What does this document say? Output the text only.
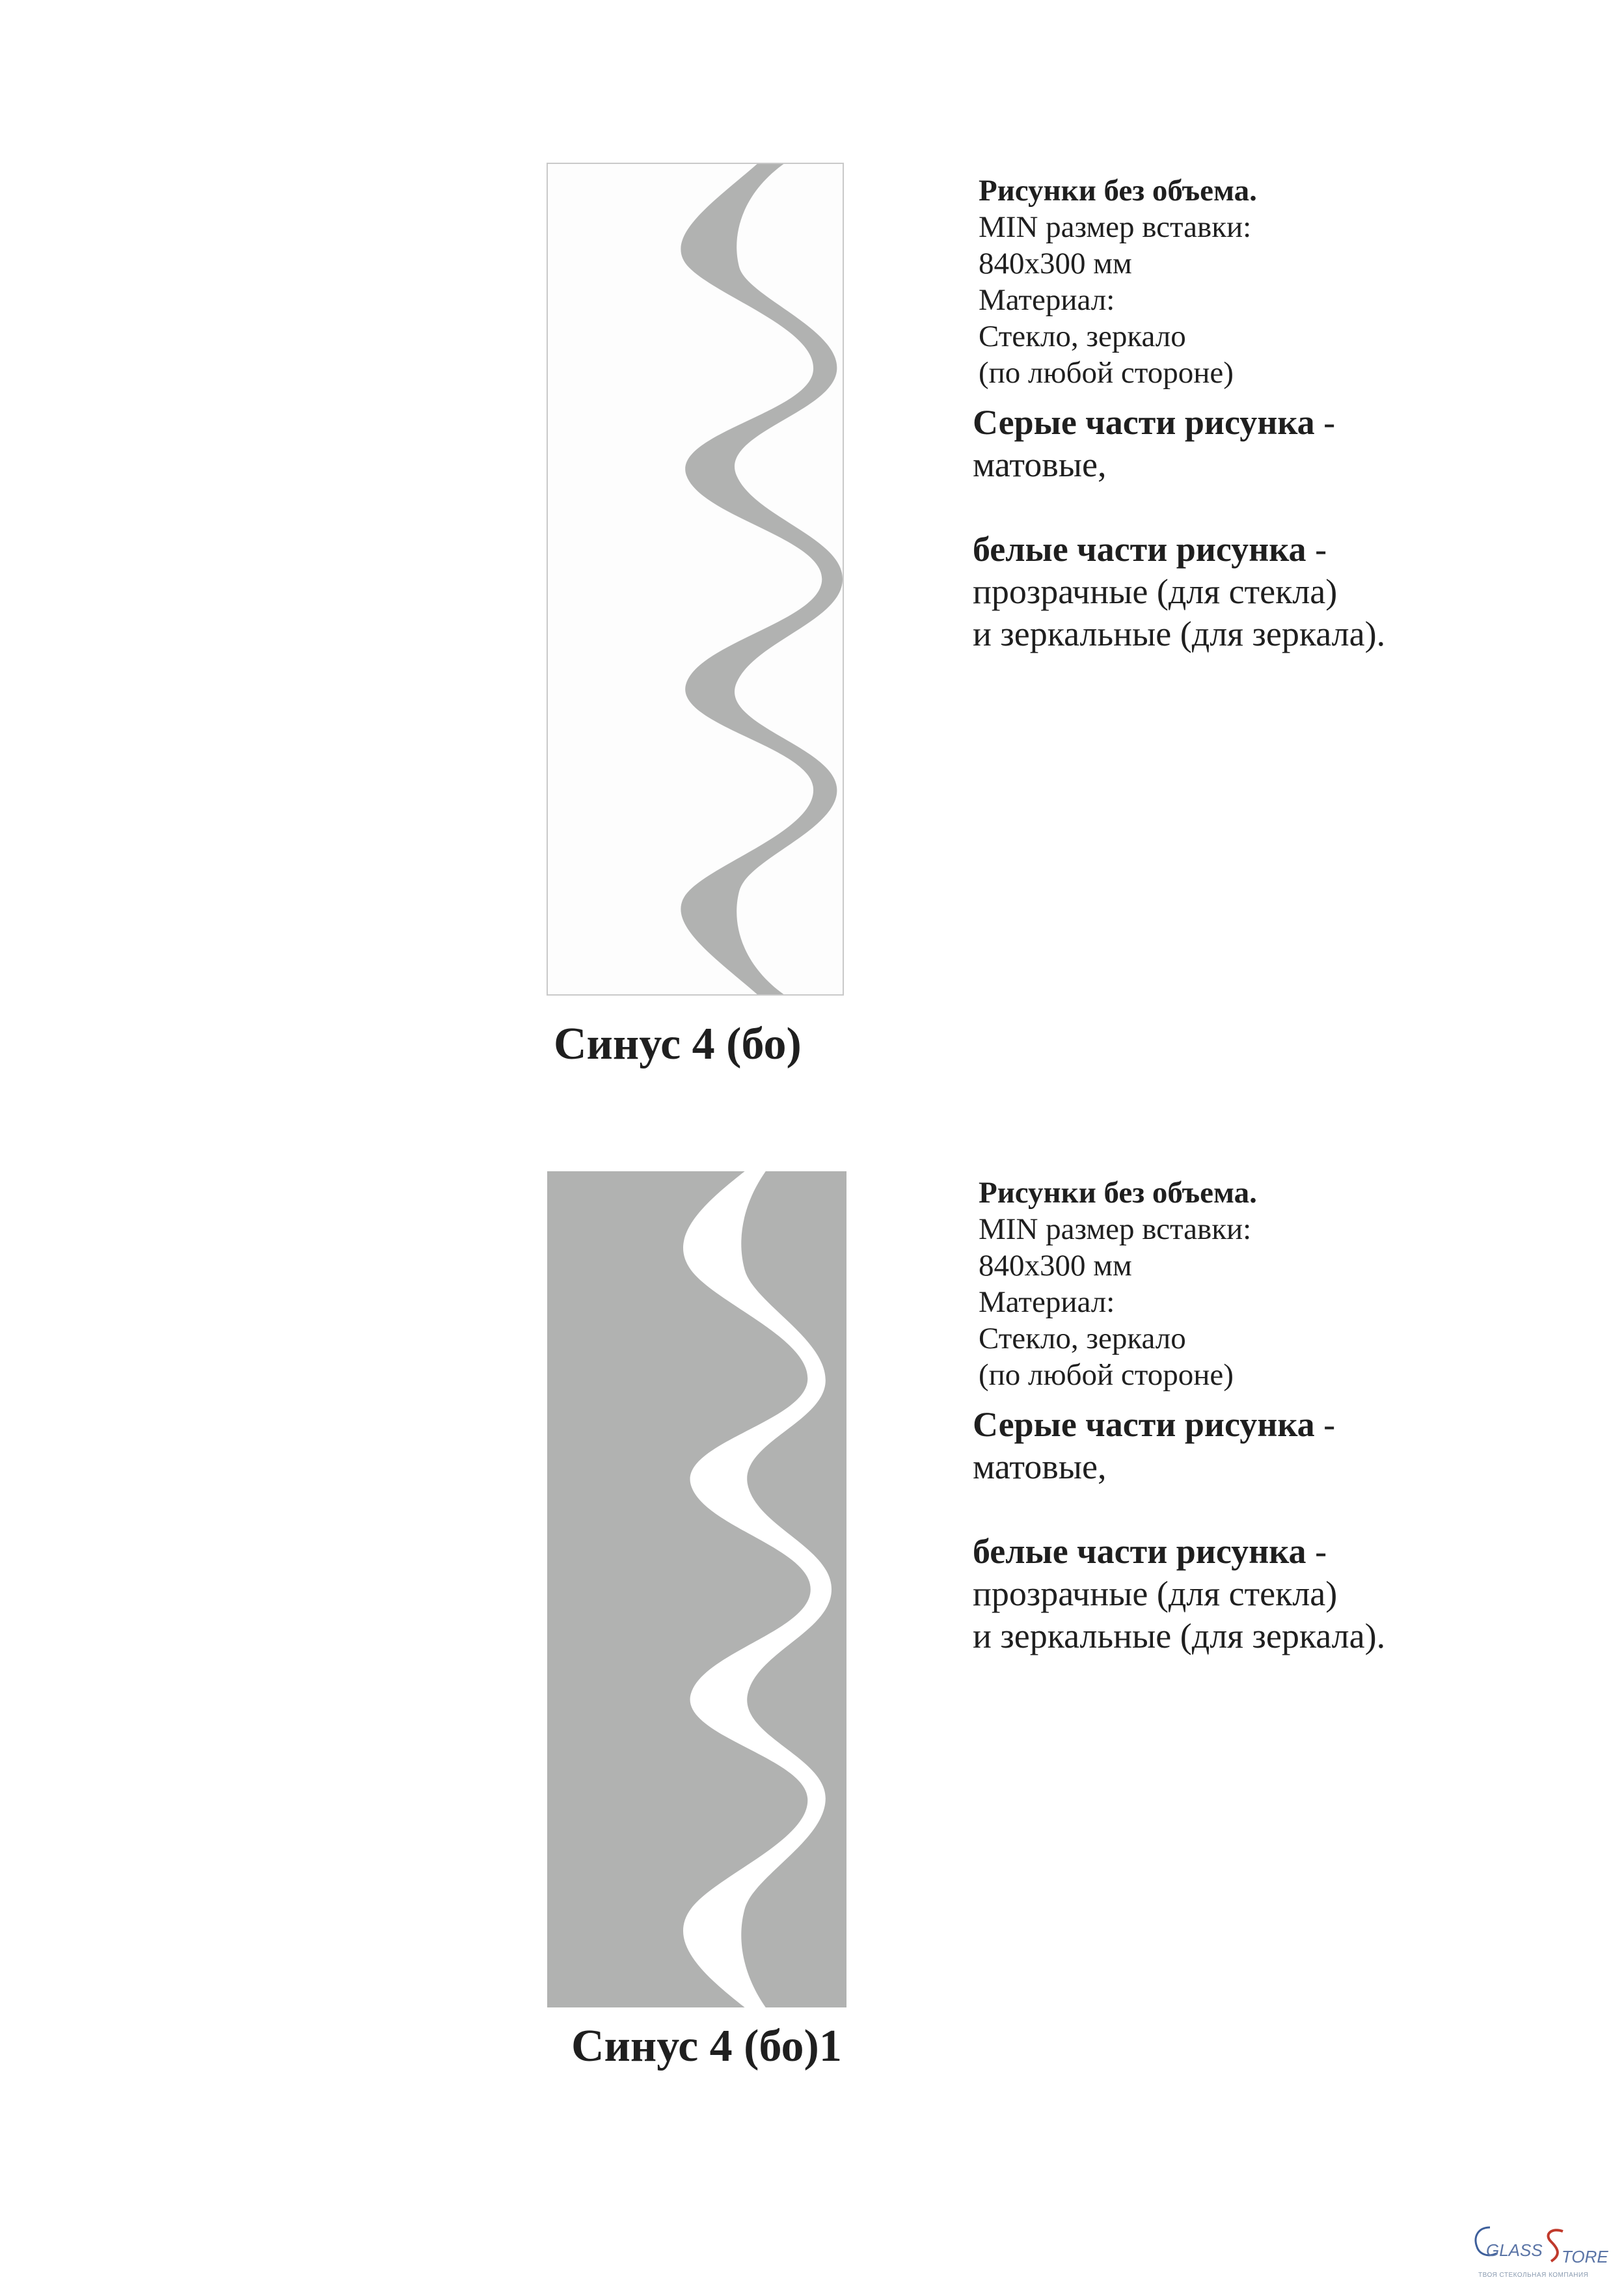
Синус 4 (бо)
Рисунки без объема.
MIN размер вставки:
840х300 мм
Материал:
Стекло, зеркало
(по любой стороне)
Серые части рисунка -
матовые,
белые части рисунка -
прозрачные (для стекла)
и зеркальные (для зеркала).
Синус 4 (бо)1
Рисунки без объема.
MIN размер вставки:
840х300 мм
Материал:
Стекло, зеркало
(по любой стороне)
Серые части рисунка -
матовые,
белые части рисунка -
прозрачные (для стекла)
и зеркальные (для зеркала).
GLASS TORE
ТВОЯ СТЕКОЛЬНАЯ КОМПАНИЯ
